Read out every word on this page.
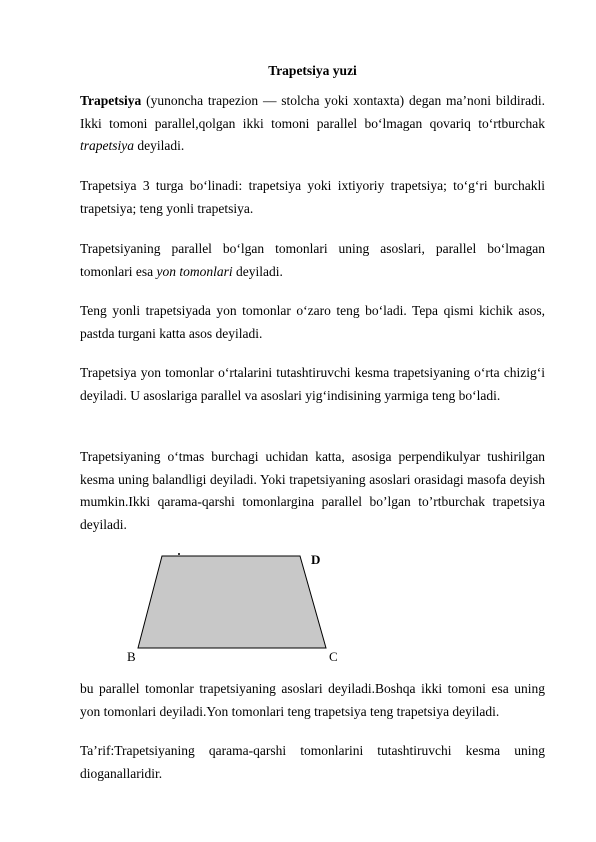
Trapetsiya yuzi

Trapetsiya (yunoncha trapezion — stolcha yoki xontaxta) degan maʼnoni bildiradi. Ikki tomoni parallel,qolgan ikki tomoni parallel boʻlmagan qovariq toʻrtburchak trapetsiya deyiladi.

Trapetsiya 3 turga boʻlinadi: trapetsiya yoki ixtiyoriy trapetsiya; toʻgʻri burchakli trapetsiya; teng yonli trapetsiya.

Trapetsiyaning parallel boʻlgan tomonlari uning asoslari, parallel boʻlmagan tomonlari esa yon tomonlari deyiladi.

Teng yonli trapetsiyada yon tomonlar oʻzaro teng boʻladi. Tepa qismi kichik asos, pastda turgani katta asos deyiladi.

Trapetsiya yon tomonlar oʻrtalarini tutashtiruvchi kesma trapetsiyaning oʻrta chizigʻi deyiladi. U asoslariga parallel va asoslari yigʻindisining yarmiga teng boʻladi.

Trapetsiyaning oʻtmas burchagi uchidan katta, asosiga perpendikulyar tushirilgan kesma uning balandligi deyiladi. Yoki trapetsiyaning asoslari orasidagi masofa deyish mumkin.Ikki qarama-qarshi tomonlargina parallel bo’lgan to’rtburchak trapetsiya deyiladi.

D
B	C

bu parallel tomonlar trapetsiyaning asoslari deyiladi.Boshqa ikki tomoni esa uning yon tomonlari deyiladi.Yon tomonlari teng trapetsiya teng trapetsiya deyiladi.

Ta’rif:Trapetsiyaning qarama-qarshi tomonlarini tutashtiruvchi kesma uning dioganallaridir.
